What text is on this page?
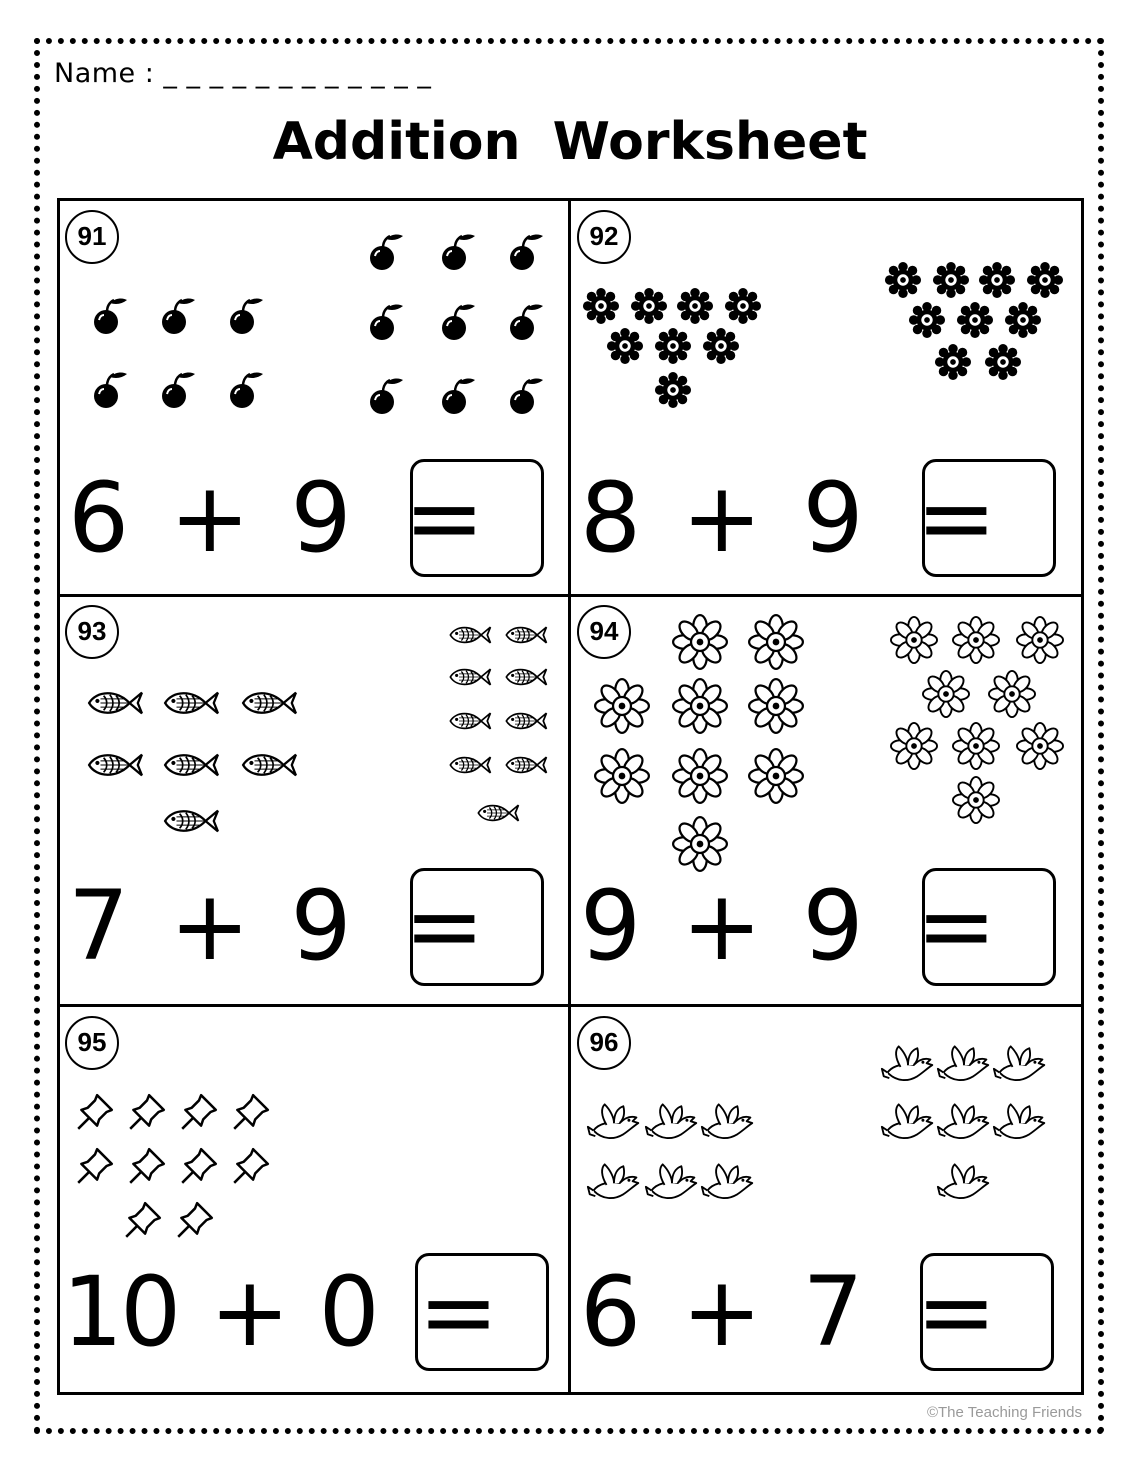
Name : _ _ _ _ _ _ _ _ _ _ _ _
Addition Worksheet
91
6 + 9 =
92
8 + 9 =
93
7 + 9 =
94
9 + 9 =
95
10 + 0 =
96
6 + 7 =
©The Teaching Friends
